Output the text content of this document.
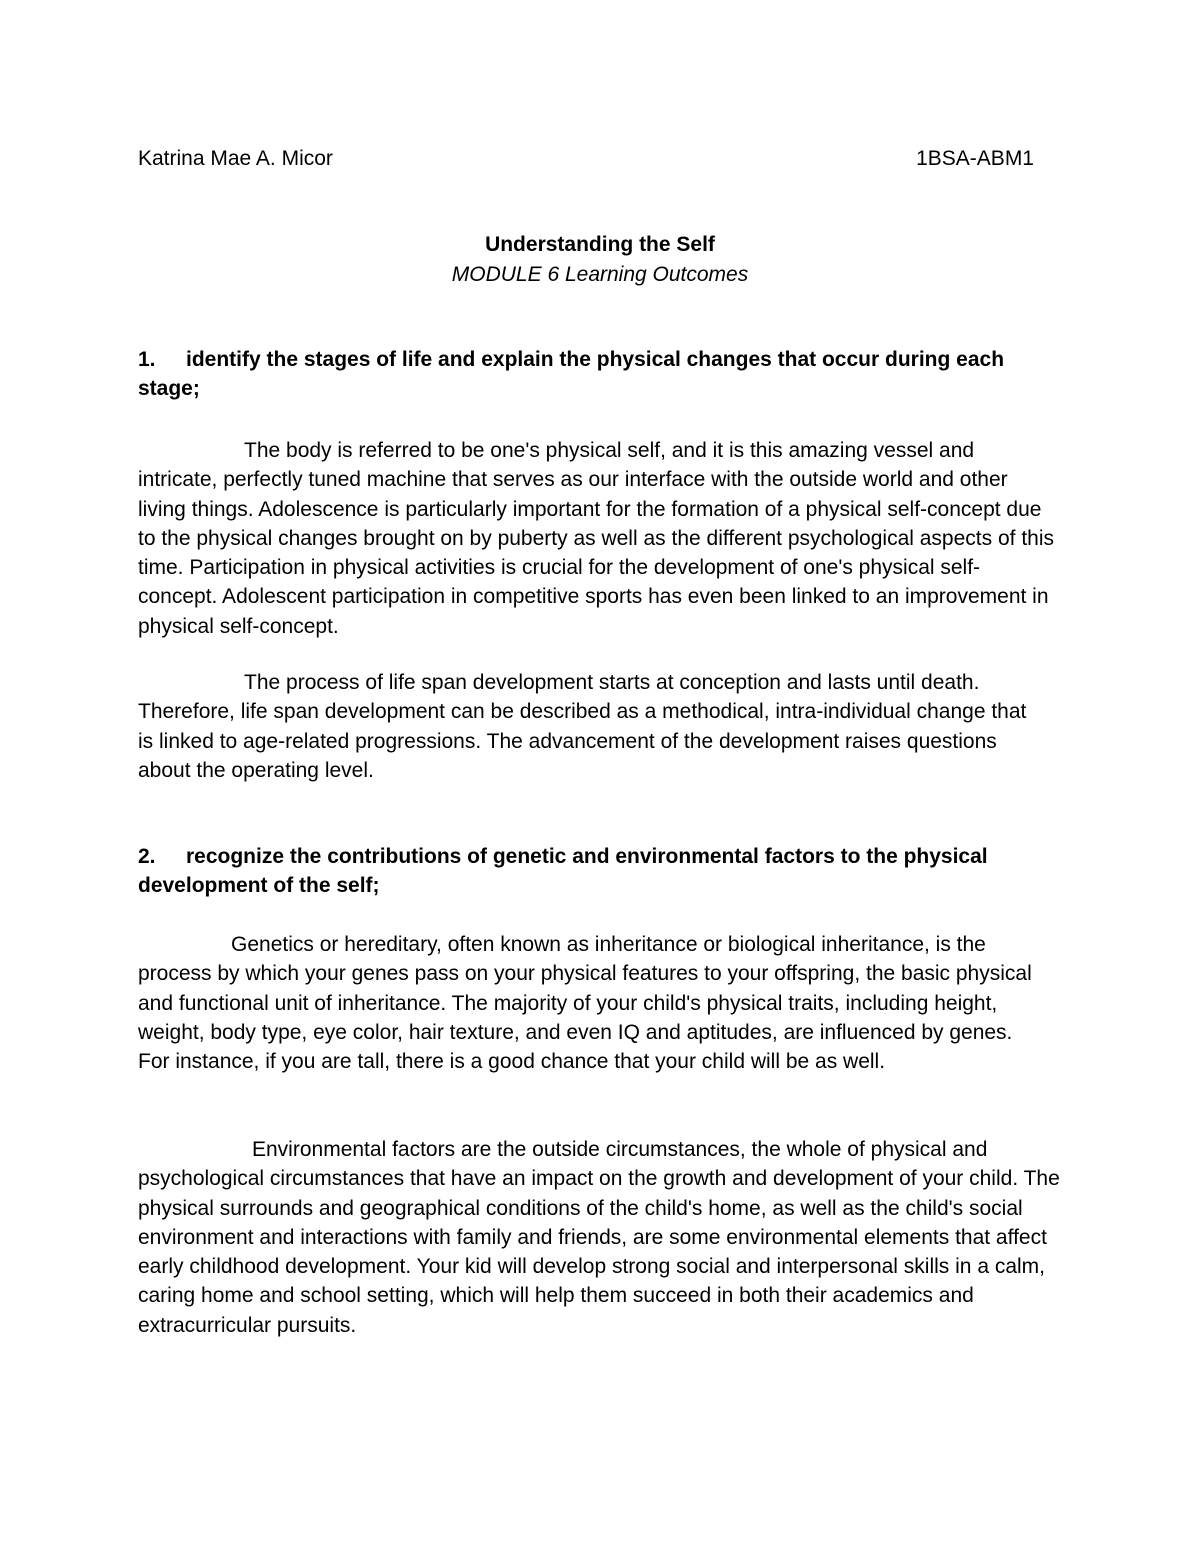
Katrina Mae A. Micor	1BSA-ABM1
Understanding the Self
MODULE 6 Learning Outcomes

1. identify the stages of life and explain the physical changes that occur during each stage;

The body is referred to be one's physical self, and it is this amazing vessel and intricate, perfectly tuned machine that serves as our interface with the outside world and other living things. Adolescence is particularly important for the formation of a physical self-concept due to the physical changes brought on by puberty as well as the different psychological aspects of this time. Participation in physical activities is crucial for the development of one's physical self-concept. Adolescent participation in competitive sports has even been linked to an improvement in physical self-concept.

The process of life span development starts at conception and lasts until death. Therefore, life span development can be described as a methodical, intra-individual change that is linked to age-related progressions. The advancement of the development raises questions about the operating level.

2. recognize the contributions of genetic and environmental factors to the physical development of the self;

Genetics or hereditary, often known as inheritance or biological inheritance, is the process by which your genes pass on your physical features to your offspring, the basic physical and functional unit of inheritance. The majority of your child's physical traits, including height, weight, body type, eye color, hair texture, and even IQ and aptitudes, are influenced by genes. For instance, if you are tall, there is a good chance that your child will be as well.

Environmental factors are the outside circumstances, the whole of physical and psychological circumstances that have an impact on the growth and development of your child. The physical surrounds and geographical conditions of the child's home, as well as the child's social environment and interactions with family and friends, are some environmental elements that affect early childhood development. Your kid will develop strong social and interpersonal skills in a calm, caring home and school setting, which will help them succeed in both their academics and extracurricular pursuits.
